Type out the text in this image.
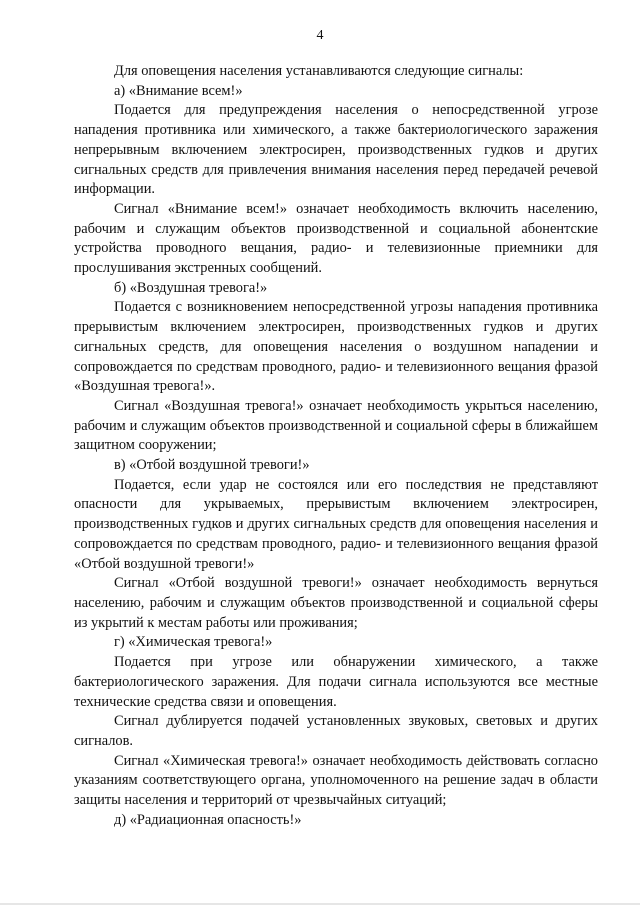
4

Для оповещения населения устанавливаются следующие сигналы:

а) «Внимание всем!»

Подается для предупреждения населения о непосредственной угрозе нападения противника или химического, а также бактериологического заражения непрерывным включением электросирен, производственных гудков и других сигнальных средств для привлечения внимания населения перед передачей речевой информации.

Сигнал «Внимание всем!» означает необходимость включить населению, рабочим и служащим объектов производственной и социальной абонентские устройства проводного вещания, радио- и телевизионные приемники для прослушивания экстренных сообщений.

б) «Воздушная тревога!»

Подается с возникновением непосредственной угрозы нападения противника прерывистым включением электросирен, производственных гудков и других сигнальных средств, для оповещения населения о воздушном нападении и сопровождается по средствам проводного, радио- и телевизионного вещания фразой «Воздушная тревога!».

Сигнал «Воздушная тревога!» означает необходимость укрыться населению, рабочим и служащим объектов производственной и социальной сферы в ближайшем защитном сооружении;

в) «Отбой воздушной тревоги!»

Подается, если удар не состоялся или его последствия не представляют опасности для укрываемых, прерывистым включением электросирен, производственных гудков и других сигнальных средств для оповещения населения и сопровождается по средствам проводного, радио- и телевизионного вещания фразой «Отбой воздушной тревоги!»

Сигнал «Отбой воздушной тревоги!» означает необходимость вернуться населению, рабочим и служащим объектов производственной и социальной сферы из укрытий к местам работы или проживания;

г) «Химическая тревога!»

Подается при угрозе или обнаружении химического, а также бактериологического заражения. Для подачи сигнала используются все местные технические средства связи и оповещения.

Сигнал дублируется подачей установленных звуковых, световых и других сигналов.

Сигнал «Химическая тревога!» означает необходимость действовать согласно указаниям соответствующего органа, уполномоченного на решение задач в области защиты населения и территорий от чрезвычайных ситуаций;

д) «Радиационная опасность!»
